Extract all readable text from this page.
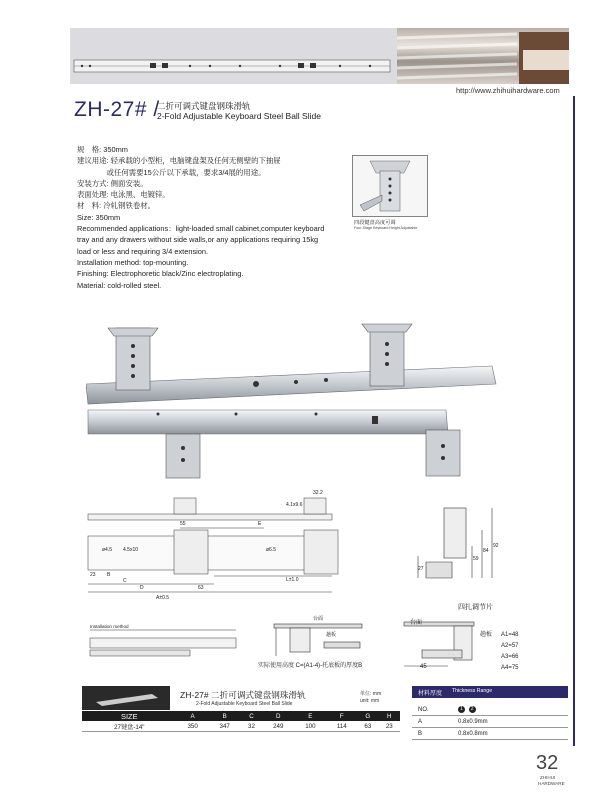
http://www.zhihuihardware.com
ZH-27# /
二折可调式键盘钢珠滑轨
2-Fold Adjustable Keyboard Steel Ball Slide
规　格: 350mm
建议用途: 轻承载的小型柜，电脑键盘架及任何无侧壁的下抽屉
　　　　或任何需要15公斤以下承载，要求3/4展的用途。
安装方式: 侧面安装。
表面处理: 电泳黑、电镀锌。
材　料: 冷轧钢铁卷材。
Size: 350mm
Recommended applications：light-loaded small cabinet,computer keyboard
tray and any drawers without side walls,or any applications requiring 15kg
load or less and requiring 3/4 extension.
Installation method: top-mounting.
Finishing: Electrophoretic black/Zinc electroplating.
Material: cold-rolled steel.
四段键盘高度可调
Four-Stage Keyboard Height Adjustable
32.2
4.1x9.6
55	E
ø4.5 4.5x10	ø6.5
23 B
C
D	63
L±1.0
A±0.5
27
59
84
92
Installation method
台面
趟板
实际使用高度 C=(A1-4)-托底板的厚度B
四扎调节片
台面
趟板 A1=48
A2=57
A3=66
A4=75
45
ZH-27# 二折可调式键盘钢珠滑轨
2-Fold Adjustable Keyboard Steel Ball Slide
单位: mm
unit: mm
SIZE	A	B	C	D	E	F	G	H
27键盘-14"	350	347	32	249	100	114	63	23
材料厚度 Thickness Range
NO.	1 2
A	0.8x0.9mm
B	0.8x0.8mm
32
ZHIHUI
HARDWARE
